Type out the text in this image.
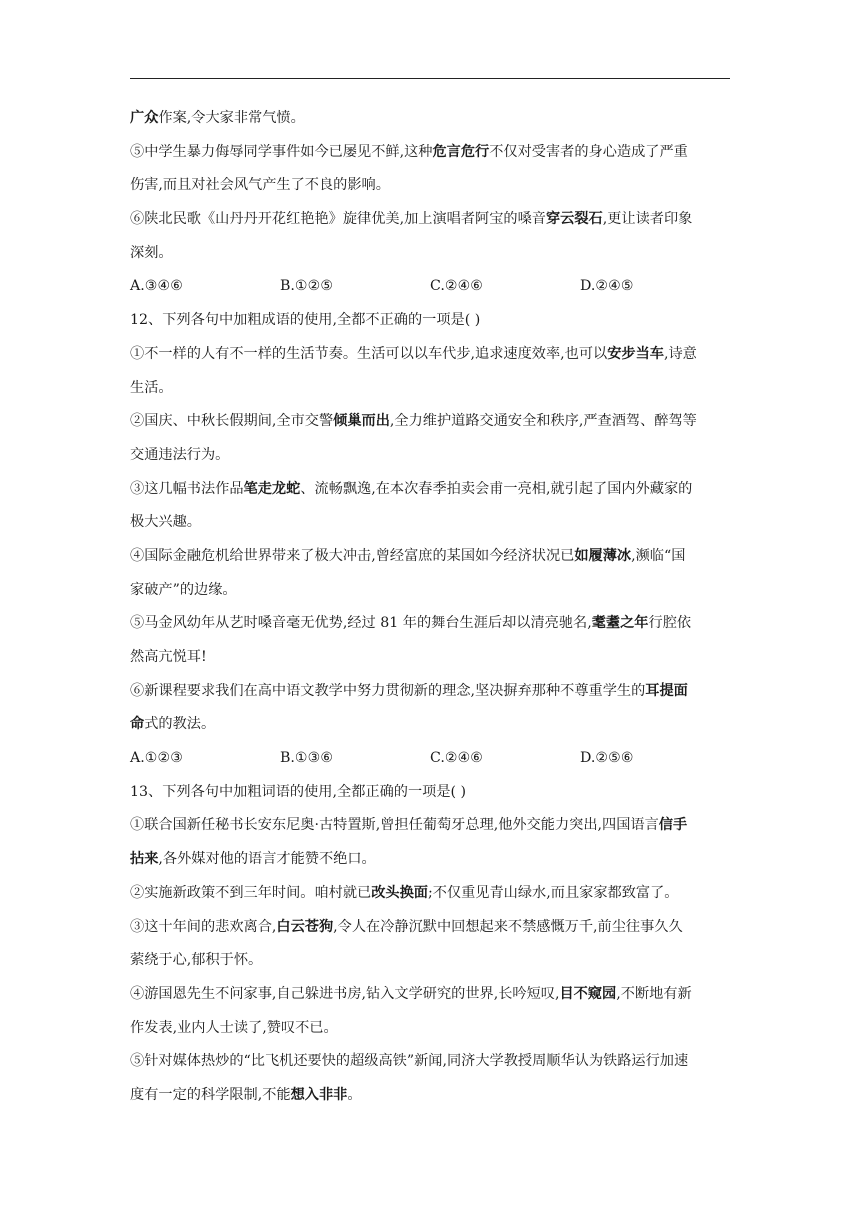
广众作案,令大家非常气愤。
⑤中学生暴力侮辱同学事件如今已屡见不鲜,这种危言危行不仅对受害者的身心造成了严重
伤害,而且对社会风气产生了不良的影响。
⑥陕北民歌《山丹丹开花红艳艳》旋律优美,加上演唱者阿宝的嗓音穿云裂石,更让读者印象
深刻。
A.③④⑥	B.①②⑤	C.②④⑥	D.②④⑤
12、下列各句中加粗成语的使用,全都不正确的一项是( )
①不一样的人有不一样的生活节奏。生活可以以车代步,追求速度效率,也可以安步当车,诗意
生活。
②国庆、中秋长假期间,全市交警倾巢而出,全力维护道路交通安全和秩序,严查酒驾、醉驾等
交通违法行为。
③这几幅书法作品笔走龙蛇、流畅飘逸,在本次春季拍卖会甫一亮相,就引起了国内外藏家的
极大兴趣。
④国际金融危机给世界带来了极大冲击,曾经富庶的某国如今经济状况已如履薄冰,濒临“国
家破产”的边缘。
⑤马金风幼年从艺时嗓音毫无优势,经过 81 年的舞台生涯后却以清亮驰名,耄耋之年行腔依
然高亢悦耳!
⑥新课程要求我们在高中语文教学中努力贯彻新的理念,坚决摒弃那种不尊重学生的耳提面
命式的教法。
A.①②③	B.①③⑥	C.②④⑥	D.②⑤⑥
13、下列各句中加粗词语的使用,全都正确的一项是( )
①联合国新任秘书长安东尼奥·古特置斯,曾担任葡萄牙总理,他外交能力突出,四国语言信手
拈来,各外媒对他的语言才能赞不绝口。
②实施新政策不到三年时间。咱村就已改头换面;不仅重见青山绿水,而且家家都致富了。
③这十年间的悲欢离合,白云苍狗,令人在冷静沉默中回想起来不禁感慨万千,前尘往事久久
萦绕于心,郁积于怀。
④游国恩先生不问家事,自己躲进书房,钻入文学研究的世界,长吟短叹,目不窥园,不断地有新
作发表,业内人士读了,赞叹不已。
⑤针对媒体热炒的“比飞机还要快的超级高铁”新闻,同济大学教授周顺华认为铁路运行加速
度有一定的科学限制,不能想入非非。
